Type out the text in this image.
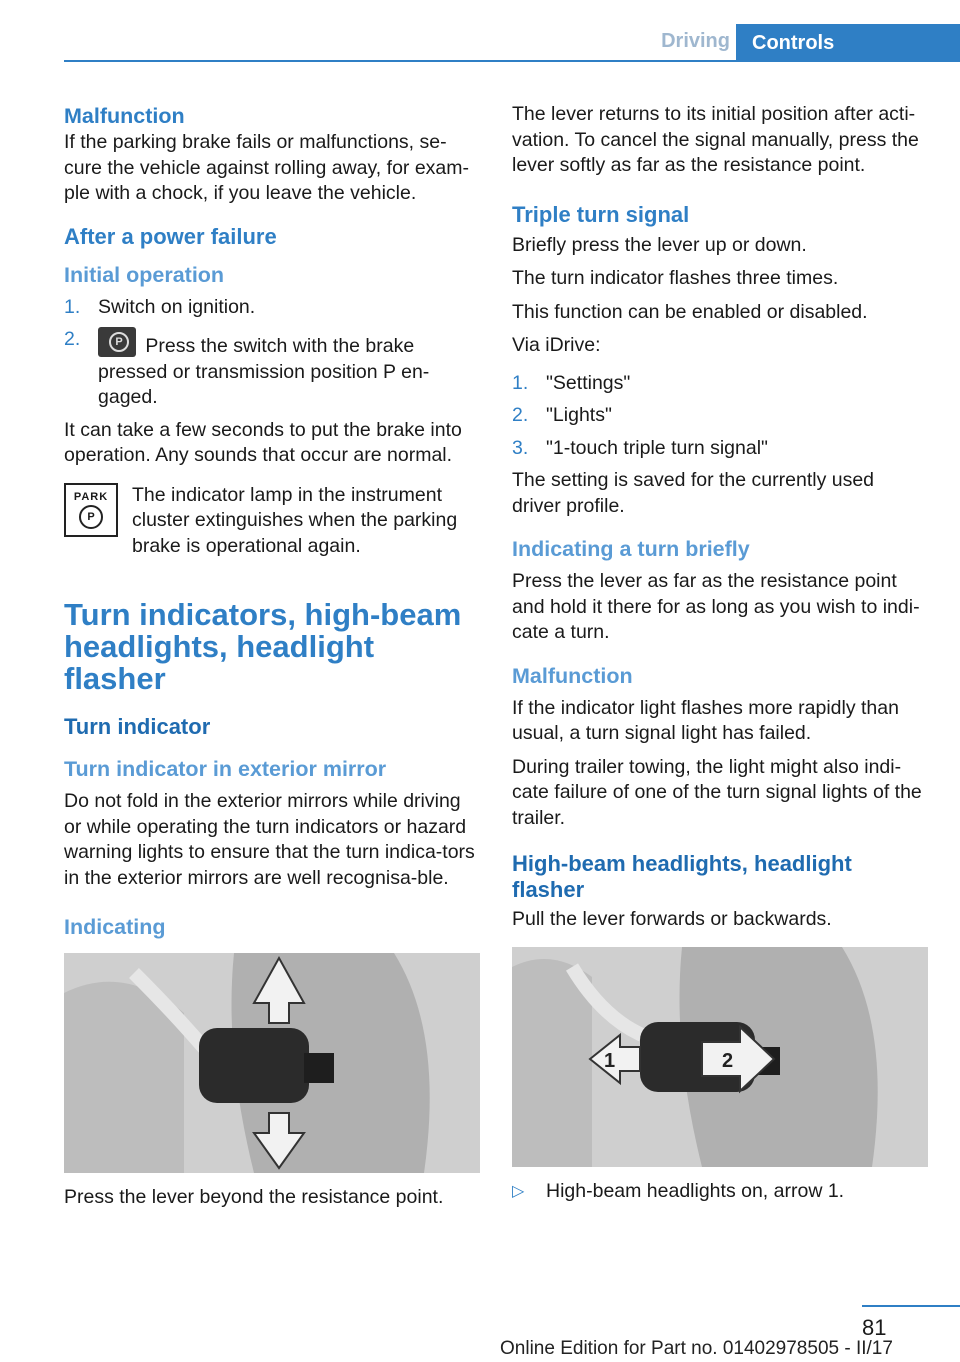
Driving	Controls
Malfunction

If the parking brake fails or malfunctions, se-cure the vehicle against rolling away, for exam-ple with a chock, if you leave the vehicle.

After a power failure
Initial operation
1. Switch on ignition.
2.
P	Press the switch with the brake pressed or transmission position P en-gaged.

It can take a few seconds to put the brake into operation. Any sounds that occur are normal.

PARK
P
The indicator lamp in the instrument cluster extinguishes when the parking brake is operational again.
Turn indicators, high-beam headlights, headlight flasher
Turn indicator
Turn indicator in exterior mirror

Do not fold in the exterior mirrors while driving or while operating the turn indicators or hazard warning lights to ensure that the turn indica-tors in the exterior mirrors are well recognisa-ble.

Indicating

Press the lever beyond the resistance point.

The lever returns to its initial position after acti-vation. To cancel the signal manually, press the lever softly as far as the resistance point.

Triple turn signal

Briefly press the lever up or down.

The turn indicator flashes three times.

This function can be enabled or disabled.

Via iDrive:

1. "Settings"
2. "Lights"
3. "1-touch triple turn signal"

The setting is saved for the currently used driver profile.

Indicating a turn briefly

Press the lever as far as the resistance point and hold it there for as long as you wish to indi-cate a turn.

Malfunction

If the indicator light flashes more rapidly than usual, a turn signal light has failed.

During trailer towing, the light might also indi-cate failure of one of the turn signal lights of the trailer.

High-beam headlights, headlight flasher

Pull the lever forwards or backwards.

1	2
▷ High-beam headlights on, arrow 1.
81
Online Edition for Part no. 01402978505 - II/17
